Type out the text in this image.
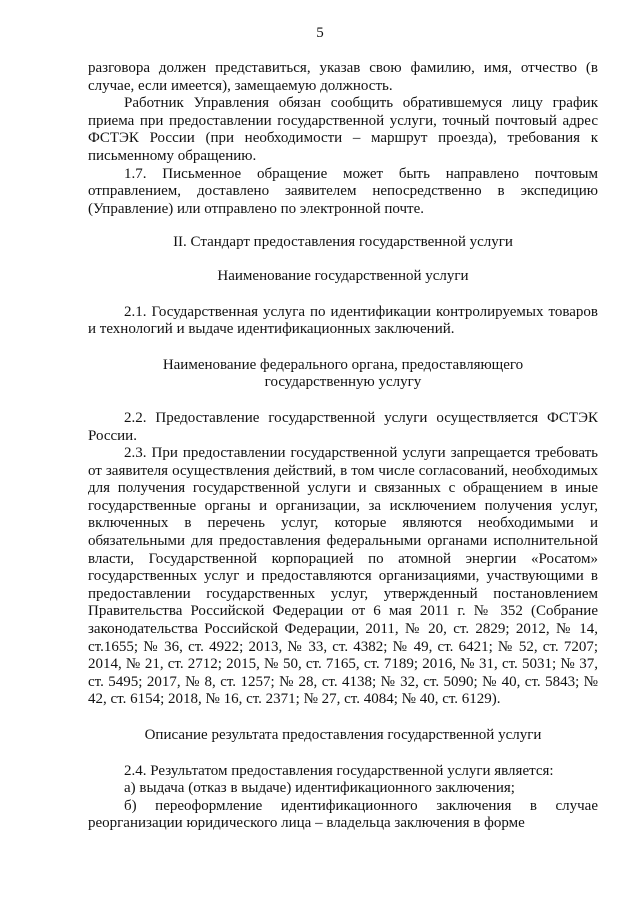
5

разговора должен представиться, указав свою фамилию, имя, отчество (в случае, если имеется), замещаемую должность.

Работник Управления обязан сообщить обратившемуся лицу график приема при предоставлении государственной услуги, точный почтовый адрес ФСТЭК России (при необходимости – маршрут проезда), требования к письменному обращению.

1.7. Письменное обращение может быть направлено почтовым отправлением, доставлено заявителем непосредственно в экспедицию (Управление) или отправлено по электронной почте.

II. Стандарт предоставления государственной услуги

Наименование государственной услуги

2.1. Государственная услуга по идентификации контролируемых товаров и технологий и выдаче идентификационных заключений.

Наименование федерального органа, предоставляющего

государственную услугу

2.2. Предоставление государственной услуги осуществляется ФСТЭК России.

2.3. При предоставлении государственной услуги запрещается требовать от заявителя осуществления действий, в том числе согласований, необходимых для получения государственной услуги и связанных с обращением в иные государственные органы и организации, за исключением получения услуг, включенных в перечень услуг, которые являются необходимыми и обязательными для предоставления федеральными органами исполнительной власти, Государственной корпорацией по атомной энергии «Росатом» государственных услуг и предоставляются организациями, участвующими в предоставлении государственных услуг, утвержденный постановлением Правительства Российской Федерации от 6 мая 2011 г. № 352 (Собрание законодательства Российской Федерации, 2011, № 20, ст. 2829; 2012, № 14, ст.1655; № 36, ст. 4922; 2013, № 33, ст. 4382; № 49, ст. 6421; № 52, ст. 7207; 2014, № 21, ст. 2712; 2015, № 50, ст. 7165, ст. 7189; 2016, № 31, ст. 5031; № 37, ст. 5495; 2017, № 8, ст. 1257; № 28, ст. 4138; № 32, ст. 5090; № 40, ст. 5843; № 42, ст. 6154; 2018, № 16, ст. 2371; № 27, ст. 4084; № 40, ст. 6129).

Описание результата предоставления государственной услуги

2.4. Результатом предоставления государственной услуги является:

а) выдача (отказ в выдаче) идентификационного заключения;

б) переоформление идентификационного заключения в случае реорганизации юридического лица – владельца заключения в форме
